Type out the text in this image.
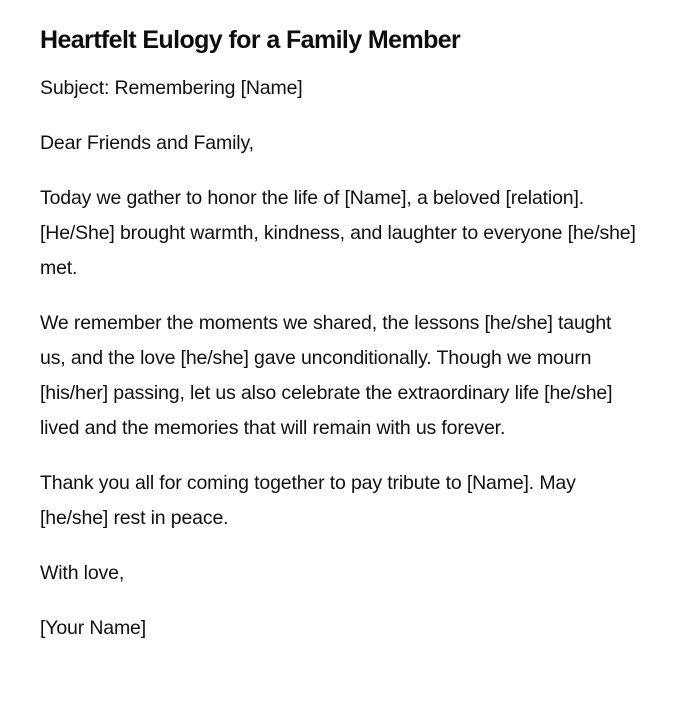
Heartfelt Eulogy for a Family Member

Subject: Remembering [Name]

Dear Friends and Family,

Today we gather to honor the life of [Name], a beloved [relation]. [He/She] brought warmth, kindness, and laughter to everyone [he/she] met.

We remember the moments we shared, the lessons [he/she] taught us, and the love [he/she] gave unconditionally. Though we mourn [his/her] passing, let us also celebrate the extraordinary life [he/she] lived and the memories that will remain with us forever.

Thank you all for coming together to pay tribute to [Name]. May [he/she] rest in peace.

With love,

[Your Name]
